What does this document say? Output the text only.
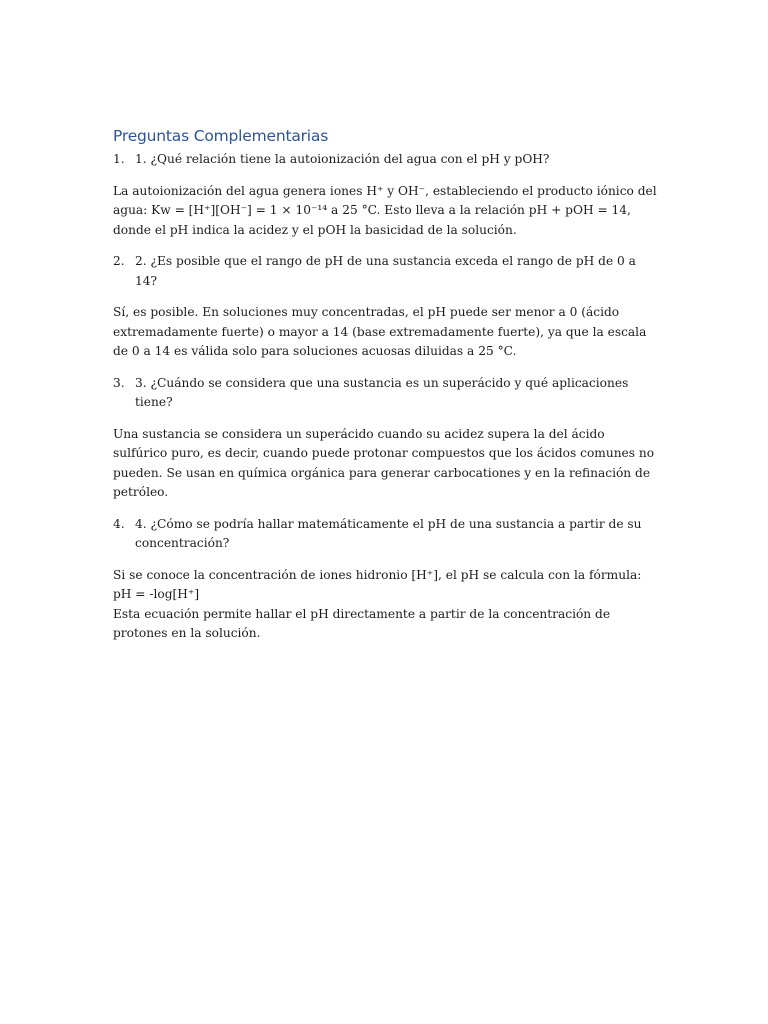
Preguntas Complementarias
1. 1. ¿Qué relación tiene la autoionización del agua con el pH y pOH?

La autoionización del agua genera iones H⁺ y OH⁻, estableciendo el producto iónico del agua: Kw = [H⁺][OH⁻] = 1 × 10⁻¹⁴ a 25 °C. Esto lleva a la relación pH + pOH = 14, donde el pH indica la acidez y el pOH la basicidad de la solución.

2. 2. ¿Es posible que el rango de pH de una sustancia exceda el rango de pH de 0 a 14?

Sí, es posible. En soluciones muy concentradas, el pH puede ser menor a 0 (ácido extremadamente fuerte) o mayor a 14 (base extremadamente fuerte), ya que la escala de 0 a 14 es válida solo para soluciones acuosas diluidas a 25 °C.

3. 3. ¿Cuándo se considera que una sustancia es un superácido y qué aplicaciones tiene?

Una sustancia se considera un superácido cuando su acidez supera la del ácido sulfúrico puro, es decir, cuando puede protonar compuestos que los ácidos comunes no pueden. Se usan en química orgánica para generar carbocationes y en la refinación de petróleo.

4. 4. ¿Cómo se podría hallar matemáticamente el pH de una sustancia a partir de su concentración?

Si se conoce la concentración de iones hidronio [H⁺], el pH se calcula con la fórmula:

pH = -log[H⁺]

Esta ecuación permite hallar el pH directamente a partir de la concentración de protones en la solución.
